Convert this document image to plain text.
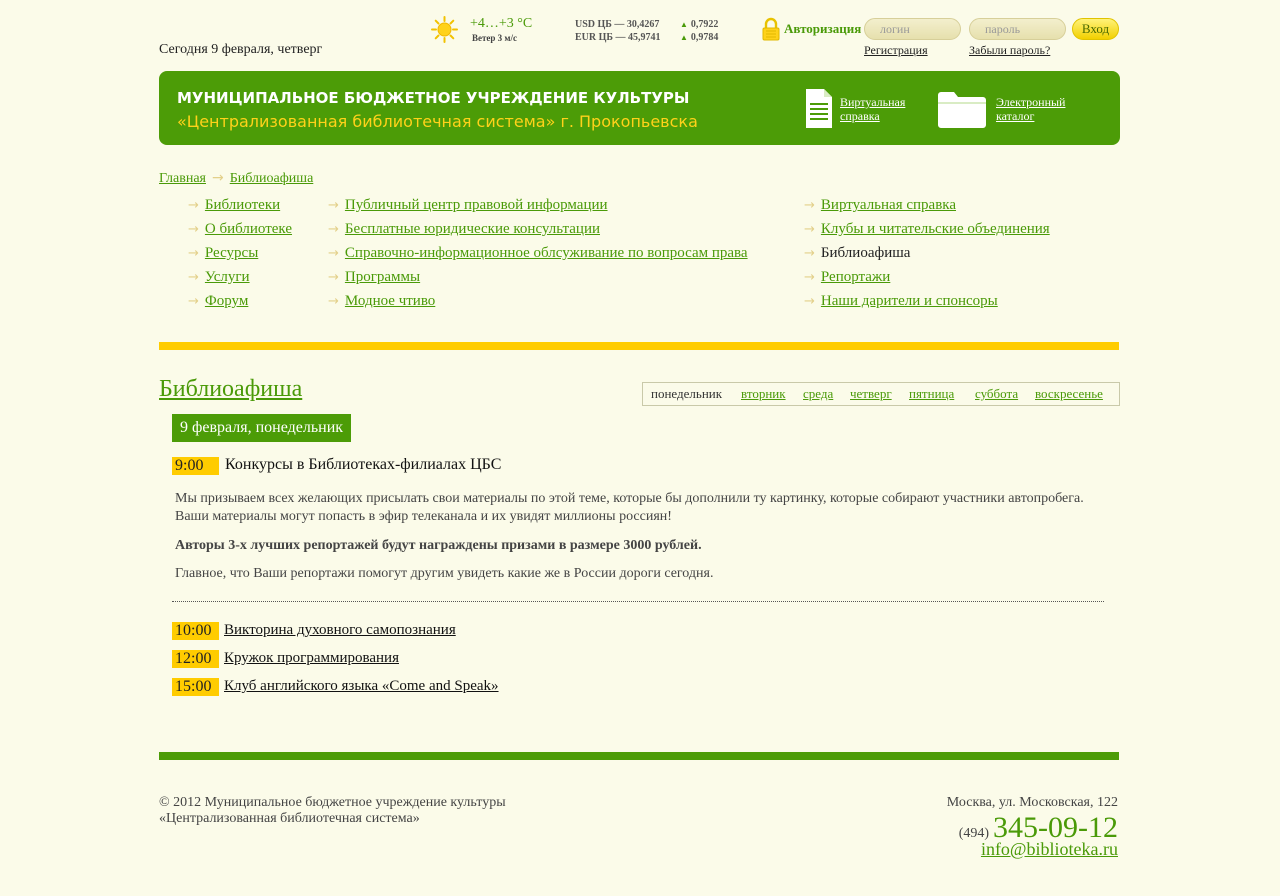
Сегодня 9 февраля, четверг
+4…+3 °C
Ветер 3 м/с
USD ЦБ — 30,4267	▲ 0,7922
EUR ЦБ — 45,9741 ▲ 0,9784
Авторизация	логин	пароль	Вход
Регистрация	Забыли пароль?
МУНИЦИПАЛЬНОЕ БЮДЖЕТНОЕ УЧРЕЖДЕНИЕ КУЛЬТУРЫ
«Централизованная библиотечная система» г. Прокопьевска
Виртуальная
справка
Электронный
каталог
Главная → Библиоафиша
→ Библиотеки
→ О библиотеке
→ Ресурсы
→ Услуги
→ Форум
→ Публичный центр правовой информации
→ Бесплатные юридические консультации
→ Справочно-информационное облсуживание по вопросам права
→ Программы
→ Модное чтиво
→ Виртуальная справка
→ Клубы и читательские объединения
→ Библиоафиша
→ Репортажи
→ Наши дарители и спонсоры
Библиоафиша	понедельник вторник среда четверг пятница суббота воскресенье
9 февраля, понедельник
9:00	Конкурсы в Библиотеках-филиалах ЦБС
Мы призываем всех желающих присылать свои материалы по этой теме, которые бы дополнили ту картинку, которые собирают участники автопробега. Ваши материалы могут попасть в эфир телеканала и их увидят миллионы россиян!
Авторы 3-х лучших репортажей будут награждены призами в размере 3000 рублей.
Главное, что Ваши репортажи помогут другим увидеть какие же в России дороги сегодня.
10:00 Викторина духовного самопознания
12:00 Кружок программирования
15:00 Клуб английского языка «Come and Speak»
© 2012 Муниципальное бюджетное учреждение культуры
«Централизованная библиотечная система»
Москва, ул. Московская, 122
(494) 345-09-12
info@biblioteka.ru
